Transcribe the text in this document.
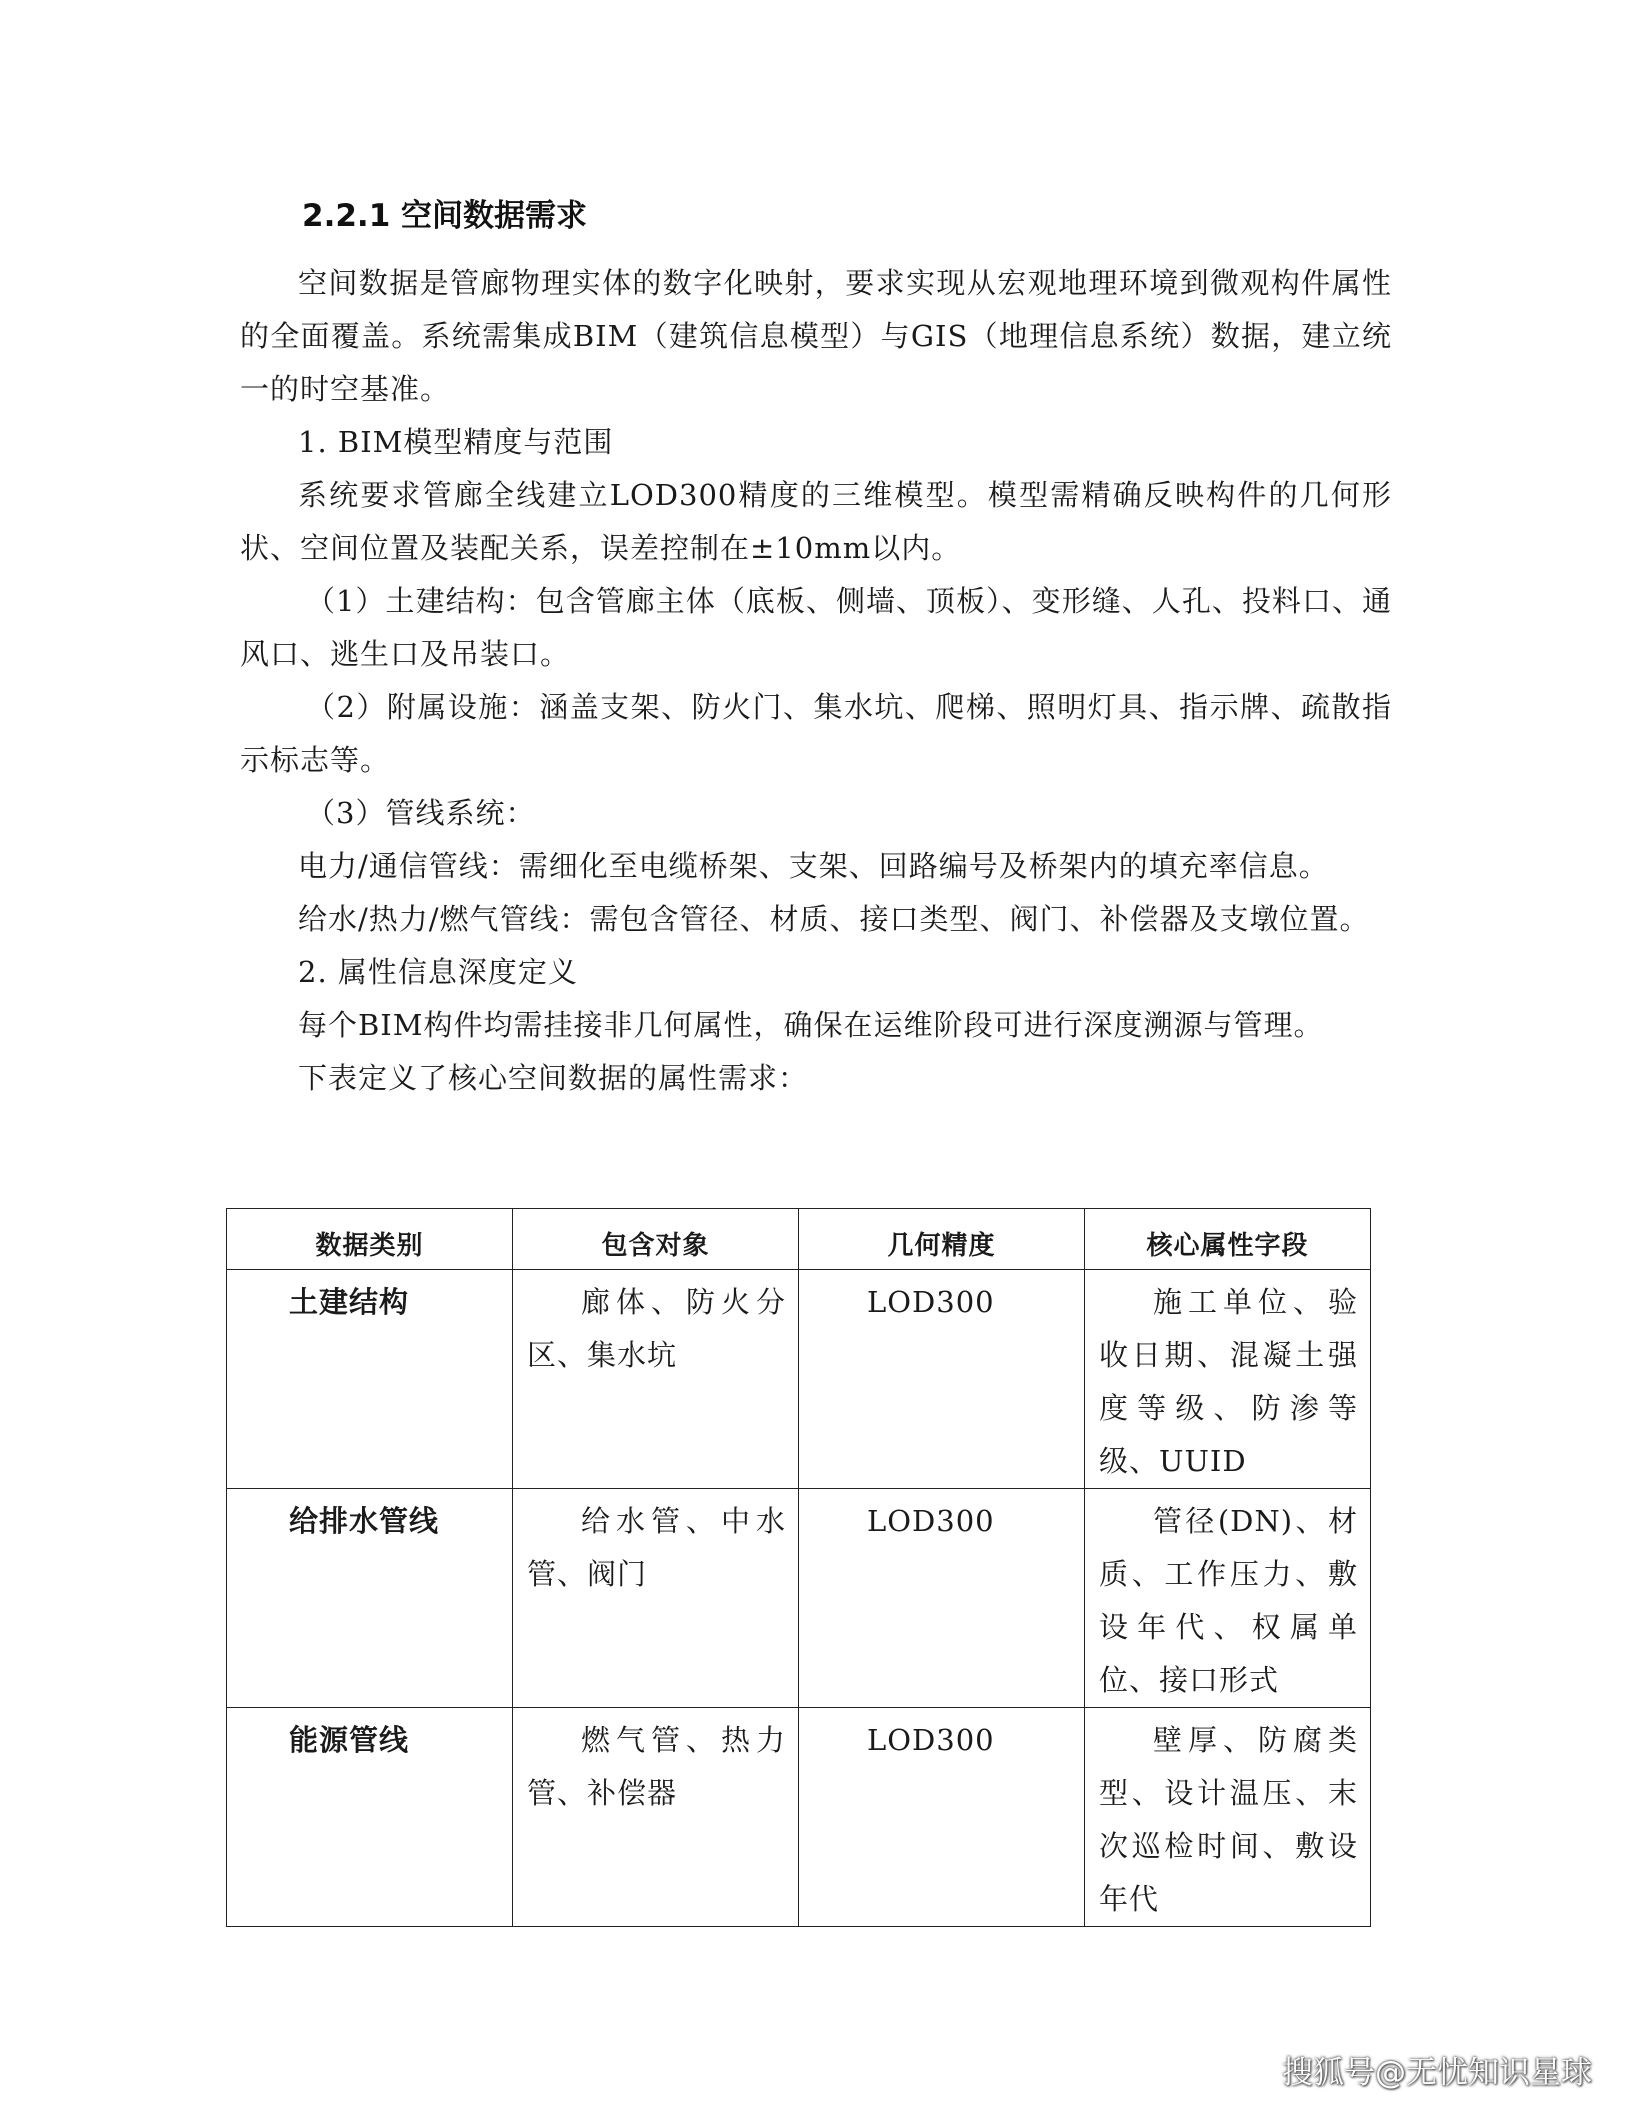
2.2.1 空间数据需求

空间数据是管廊物理实体的数字化映射，要求实现从宏观地理环境到微观构件属性的全面覆盖。系统需集成BIM（建筑信息模型）与GIS（地理信息系统）数据，建立统一的时空基准。

1. BIM模型精度与范围

系统要求管廊全线建立LOD300精度的三维模型。模型需精确反映构件的几何形状、空间位置及装配关系，误差控制在±10mm以内。

（1）土建结构：包含管廊主体（底板、侧墙、顶板）、变形缝、人孔、投料口、通风口、逃生口及吊装口。

（2）附属设施：涵盖支架、防火门、集水坑、爬梯、照明灯具、指示牌、疏散指示标志等。

（3）管线系统：

电力/通信管线：需细化至电缆桥架、支架、回路编号及桥架内的填充率信息。

给水/热力/燃气管线：需包含管径、材质、接口类型、阀门、补偿器及支墩位置。

2. 属性信息深度定义

每个BIM构件均需挂接非几何属性，确保在运维阶段可进行深度溯源与管理。

下表定义了核心空间数据的属性需求：

数据类别	包含对象	几何精度	核心属性字段
土建结构	廊体、防火分区、集水坑	LOD300	施工单位、验收日期、混凝土强度等级、防渗等级、UUID
给排水管线	给水管、中水管、阀门	LOD300	管径(DN)、材质、工作压力、敷设年代、权属单位、接口形式
能源管线	燃气管、热力管、补偿器	LOD300	壁厚、防腐类型、设计温压、末次巡检时间、敷设年代
搜狐号@无忧知识星球
